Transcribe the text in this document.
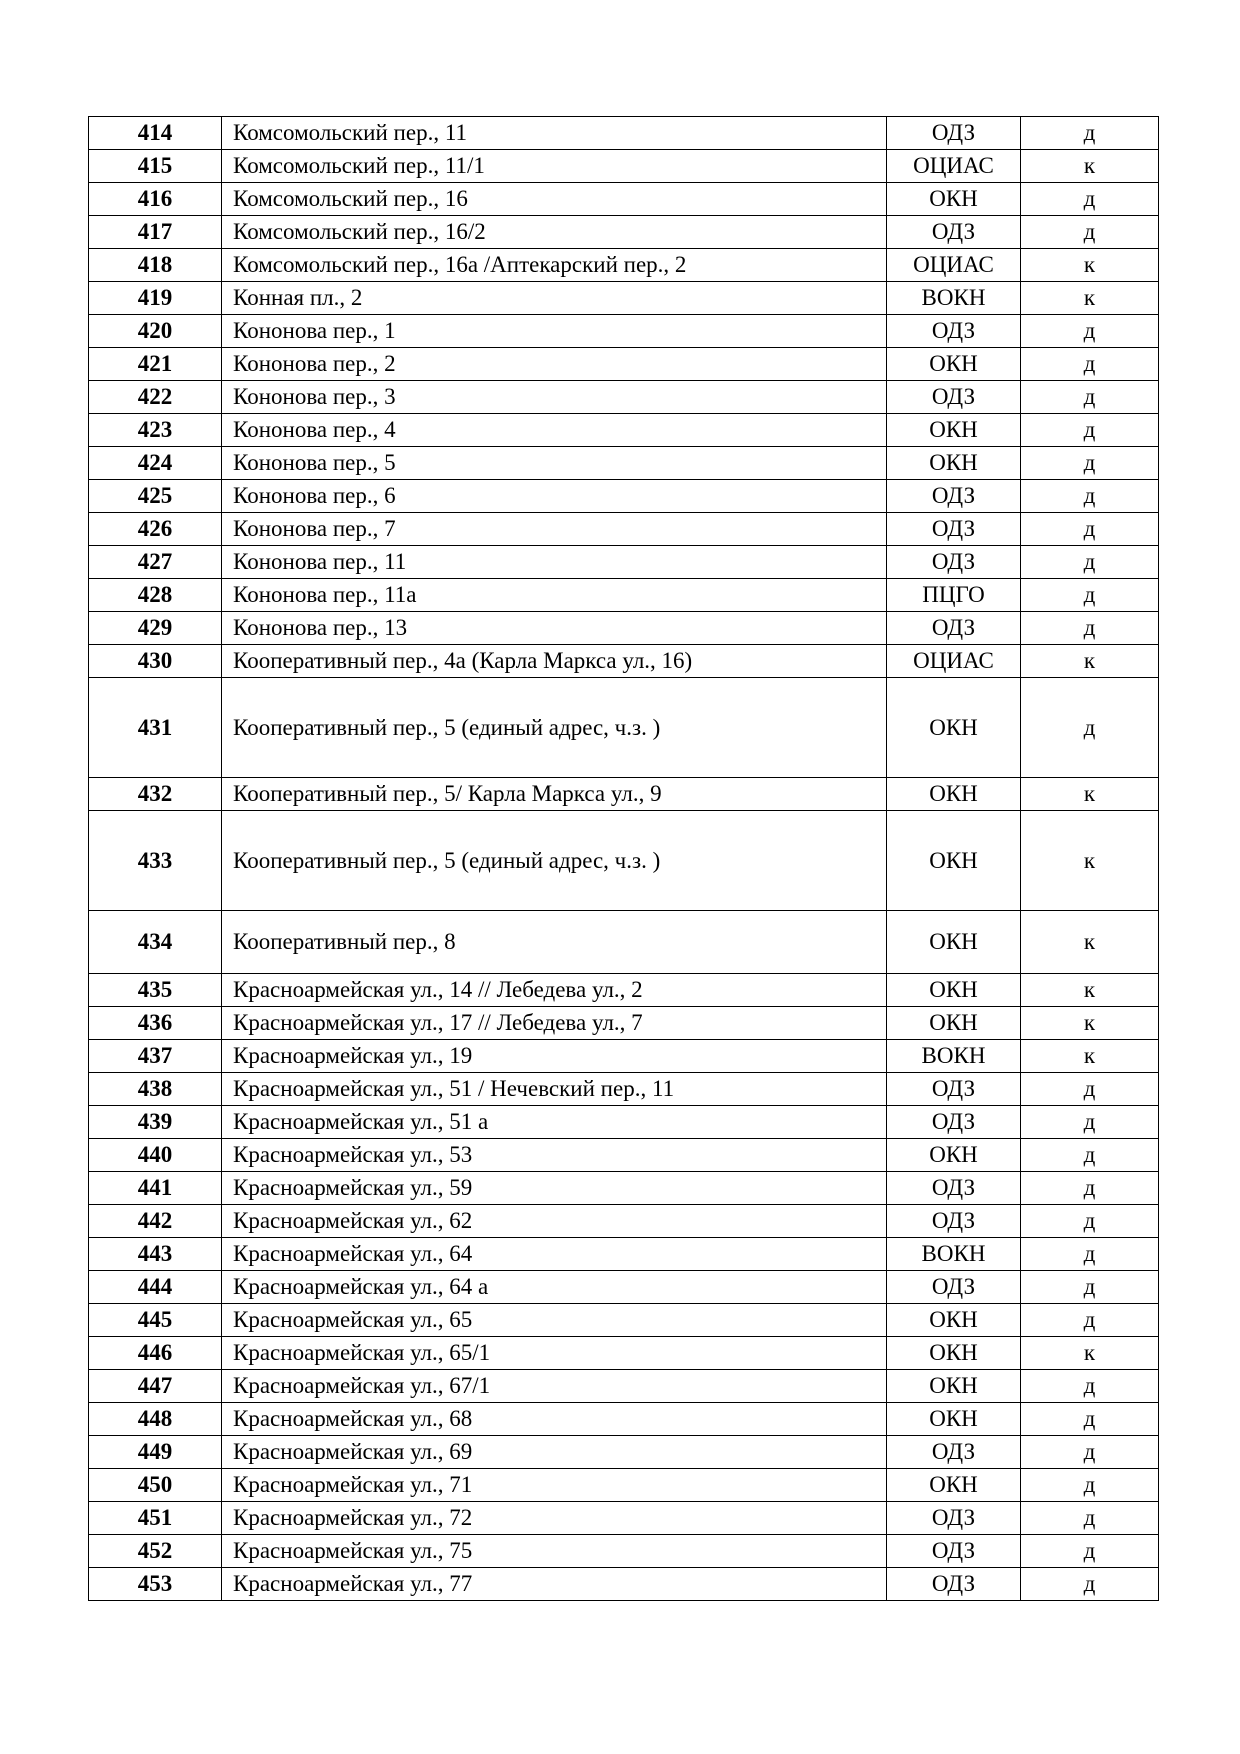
414	Комсомольский пер., 11	ОДЗ	д
415	Комсомольский пер., 11/1	ОЦИАС	к
416	Комсомольский пер., 16	ОКН	д
417	Комсомольский пер., 16/2	ОДЗ	д
418	Комсомольский пер., 16а /Аптекарский пер., 2	ОЦИАС	к
419	Конная пл., 2	ВОКН	к
420	Кононова пер., 1	ОДЗ	д
421	Кононова пер., 2	ОКН	д
422	Кононова пер., 3	ОДЗ	д
423	Кононова пер., 4	ОКН	д
424	Кононова пер., 5	ОКН	д
425	Кононова пер., 6	ОДЗ	д
426	Кононова пер., 7	ОДЗ	д
427	Кононова пер., 11	ОДЗ	д
428	Кононова пер., 11а	ПЦГО	д
429	Кононова пер., 13	ОДЗ	д
430	Кооперативный пер., 4а (Карла Маркса ул., 16)	ОЦИАС	к
431	Кооперативный пер., 5 (единый адрес, ч.з. )	ОКН	д
432	Кооперативный пер., 5/ Карла Маркса ул., 9	ОКН	к
433	Кооперативный пер., 5 (единый адрес, ч.з. )	ОКН	к
434	Кооперативный пер., 8	ОКН	к
435	Красноармейская ул., 14 // Лебедева ул., 2	ОКН	к
436	Красноармейская ул., 17 // Лебедева ул., 7	ОКН	к
437	Красноармейская ул., 19	ВОКН	к
438	Красноармейская ул., 51 / Нечевский пер., 11	ОДЗ	д
439	Красноармейская ул., 51 а	ОДЗ	д
440	Красноармейская ул., 53	ОКН	д
441	Красноармейская ул., 59	ОДЗ	д
442	Красноармейская ул., 62	ОДЗ	д
443	Красноармейская ул., 64	ВОКН	д
444	Красноармейская ул., 64 а	ОДЗ	д
445	Красноармейская ул., 65	ОКН	д
446	Красноармейская ул., 65/1	ОКН	к
447	Красноармейская ул., 67/1	ОКН	д
448	Красноармейская ул., 68	ОКН	д
449	Красноармейская ул., 69	ОДЗ	д
450	Красноармейская ул., 71	ОКН	д
451	Красноармейская ул., 72	ОДЗ	д
452	Красноармейская ул., 75	ОДЗ	д
453	Красноармейская ул., 77	ОДЗ	д
